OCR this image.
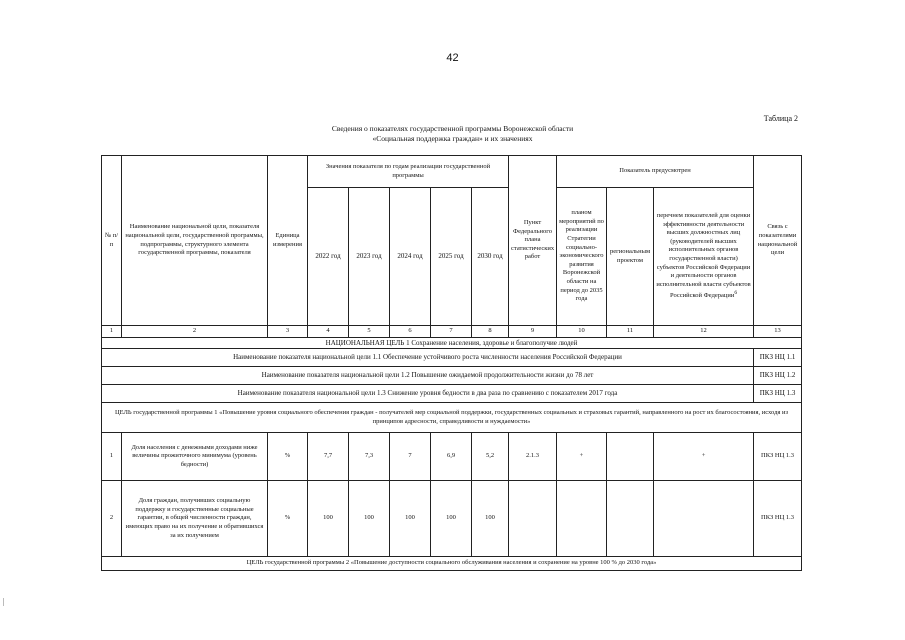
42
Таблица 2
Сведения о показателях государственной программы Воронежской области
«Социальная поддержка граждан» и их значениях
№ п/п	Наименование национальной цели, показателя национальной цели, государственной программы, подпрограммы, структурного элемента государственной программы, показателя	Единица измерения	Значения показателя по годам реализации государственной программы					Пункт Федерального плана статистических работ	Показатель предусмотрен			Связь с показателями национальной цели
			2022 год	2023 год	2024 год	2025 год	2030 год		планом мероприятий по реализации Стратегии социально-экономического развития Воронежской области на период до 2035 года	региональным проектом	перечнем показателей для оценки эффективности деятельности высших должностных лиц (руководителей высших исполнительных органов государственной власти) субъектов Российской Федерации и деятельности органов исполнительной власти субъектов Российской Федерации$^6$
1	2	3	4	5	6	7	8	9	10	11	12	13
НАЦИОНАЛЬНАЯ ЦЕЛЬ 1 Сохранение населения, здоровье и благополучие людей												
Наименование показателя национальной цели 1.1 Обеспечение устойчивого роста численности населения Российской Федерации												ПКЗ НЦ 1.1
Наименование показателя национальной цели 1.2 Повышение ожидаемой продолжительности жизни до 78 лет												ПКЗ НЦ 1.2
Наименование показателя национальной цели 1.3 Снижение уровня бедности в два раза по сравнению с показателем 2017 года												ПКЗ НЦ 1.3
ЦЕЛЬ государственной программы 1 «Повышение уровня социального обеспечения граждан - получателей мер социальной поддержки, государственных социальных и страховых гарантий, направленного на рост их благосостояния, исходя из принципов адресности, справедливости и нуждаемости»												
1	Доля населения с денежными доходами ниже величины прожиточного минимума (уровень бедности)	%	7,7	7,3	7	6,9	5,2	2.1.3	+		+	ПКЗ НЦ 1.3
2	Доля граждан, получивших социальную поддержку и государственные социальные гарантии, в общей численности граждан, имеющих право на их получение и обратившихся за их получением	%	100	100	100	100	100					ПКЗ НЦ 1.3
ЦЕЛЬ государственной программы 2 «Повышение доступности социального обслуживания населения и сохранение на уровне 100 % до 2030 года»												
